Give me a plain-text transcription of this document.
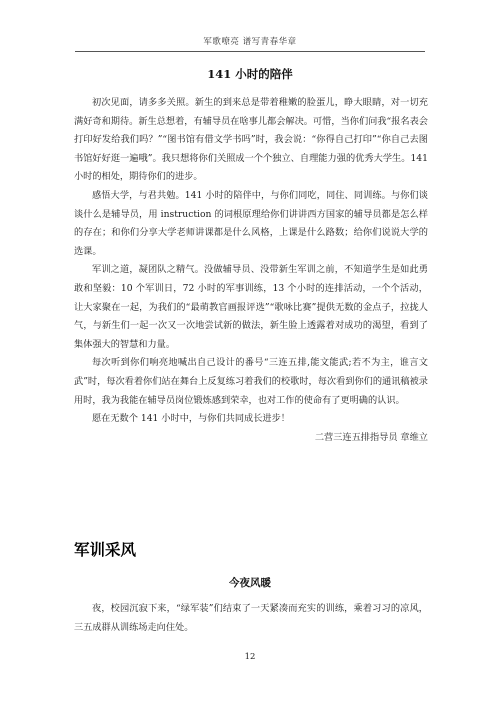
军歌嘹亮 谱写青春华章
141 小时的陪伴

初次见面，请多多关照。新生的到来总是带着稚嫩的脸蛋儿，睁大眼睛，对一切充满好奇和期待。新生总想着，有辅导员在啥事儿都会解决。可惜，当你们问我“报名表会打印好发给我们吗？”“图书馆有借文学书吗”时，我会说：“你得自己打印”“你自己去图书馆好好逛一遍哦”。我只想将你们关照成一个个独立、自理能力强的优秀大学生。141 小时的相处，期待你们的进步。

感悟大学，与君共勉。141 小时的陪伴中，与你们同吃，同住、同训练。与你们谈谈什么是辅导员，用 instruction 的词根原理给你们讲讲西方国家的辅导员都是怎么样的存在；和你们分享大学老师讲课都是什么风格，上课是什么路数；给你们说说大学的选课。

军训之道，凝团队之精气。没做辅导员、没带新生军训之前，不知道学生是如此勇敢和坚毅：10 个军训日，72 小时的军事训练，13 个小时的连排活动，一个个活动，让大家聚在一起，为我们的“最萌教官画报评选”“歌咏比赛”提供无数的金点子，拉拢人气，与新生们一起一次又一次地尝试新的做法，新生脸上透露着对成功的渴望，看到了集体强大的智慧和力量。

每次听到你们响亮地喊出自己设计的番号“三连五排,能文能武;若不为主，谁言文武”时，每次看着你们站在舞台上反复练习着我们的校歌时，每次看到你们的通讯稿被录用时，我为我能在辅导员岗位锻炼感到荣幸，也对工作的使命有了更明确的认识。

愿在无数个 141 小时中，与你们共同成长进步！

二营三连五排指导员 章维立

军训采风
今夜风暖

夜，校园沉寂下来，“绿军装”们结束了一天紧凑而充实的训练，乘着习习的凉风，三五成群从训练场走向住处。

12
